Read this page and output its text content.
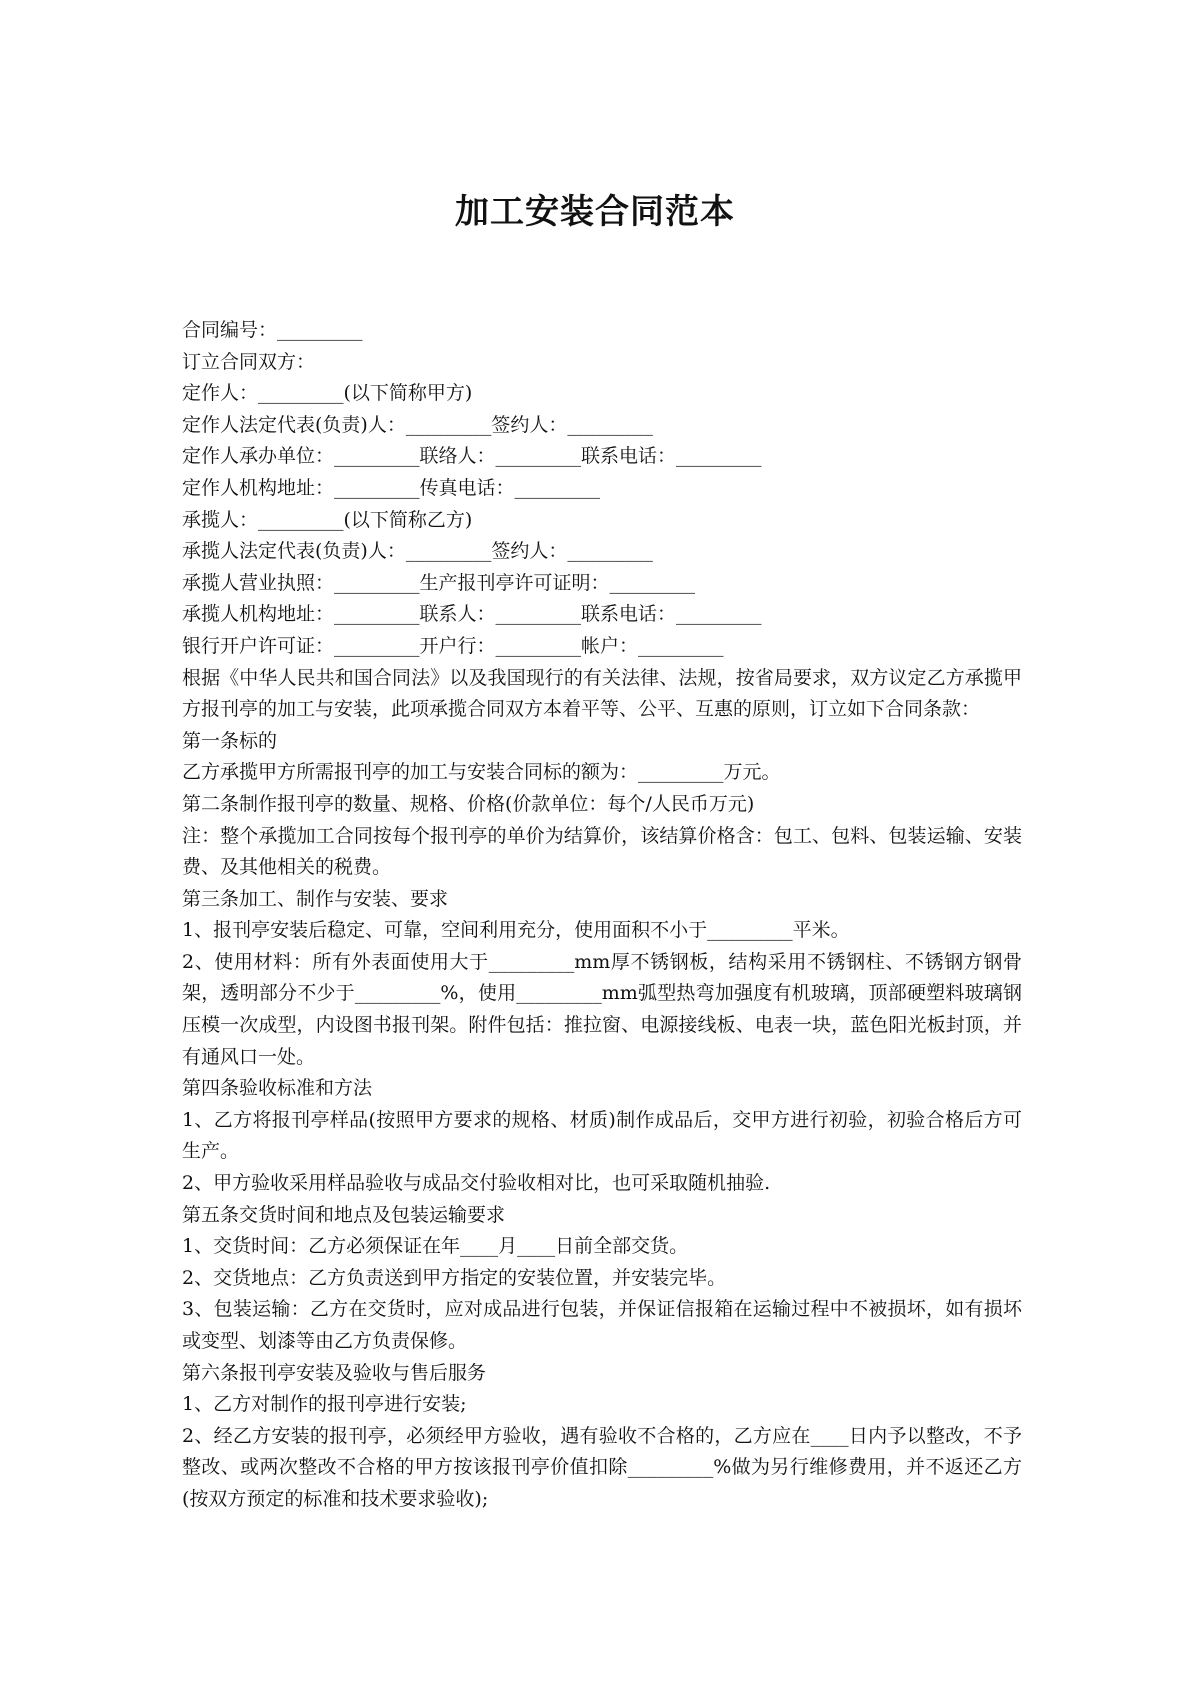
加工安装合同范本

合同编号：_________

订立合同双方：

定作人：_________(以下简称甲方)

定作人法定代表(负责)人：_________签约人：_________

定作人承办单位：_________联络人：_________联系电话：_________

定作人机构地址：_________传真电话：_________

承揽人：_________(以下简称乙方)

承揽人法定代表(负责)人：_________签约人：_________

承揽人营业执照：_________生产报刊亭许可证明：_________

承揽人机构地址：_________联系人：_________联系电话：_________

银行开户许可证：_________开户行：_________帐户：_________

根据《中华人民共和国合同法》以及我国现行的有关法律、法规，按省局要求，双方议定乙方承揽甲方报刊亭的加工与安装，此项承揽合同双方本着平等、公平、互惠的原则，订立如下合同条款：

第一条标的

乙方承揽甲方所需报刊亭的加工与安装合同标的额为：_________万元。

第二条制作报刊亭的数量、规格、价格(价款单位：每个/人民币万元)

注：整个承揽加工合同按每个报刊亭的单价为结算价，该结算价格含：包工、包料、包装运输、安装费、及其他相关的税费。

第三条加工、制作与安装、要求

1、报刊亭安装后稳定、可靠，空间利用充分，使用面积不小于_________平米。

2、使用材料：所有外表面使用大于_________mm厚不锈钢板，结构采用不锈钢柱、不锈钢方钢骨架，透明部分不少于_________%，使用_________mm弧型热弯加强度有机玻璃，顶部硬塑料玻璃钢压模一次成型，内设图书报刊架。附件包括：推拉窗、电源接线板、电表一块，蓝色阳光板封顶，并有通风口一处。

第四条验收标准和方法

1、乙方将报刊亭样品(按照甲方要求的规格、材质)制作成品后，交甲方进行初验，初验合格后方可生产。

2、甲方验收采用样品验收与成品交付验收相对比，也可采取随机抽验.

第五条交货时间和地点及包装运输要求

1、交货时间：乙方必须保证在年____月____日前全部交货。

2、交货地点：乙方负责送到甲方指定的安装位置，并安装完毕。

3、包装运输：乙方在交货时，应对成品进行包装，并保证信报箱在运输过程中不被损坏，如有损坏或变型、划漆等由乙方负责保修。

第六条报刊亭安装及验收与售后服务

1、乙方对制作的报刊亭进行安装;

2、经乙方安装的报刊亭，必须经甲方验收，遇有验收不合格的，乙方应在____日内予以整改，不予整改、或两次整改不合格的甲方按该报刊亭价值扣除_________%做为另行维修费用，并不返还乙方(按双方预定的标准和技术要求验收);
